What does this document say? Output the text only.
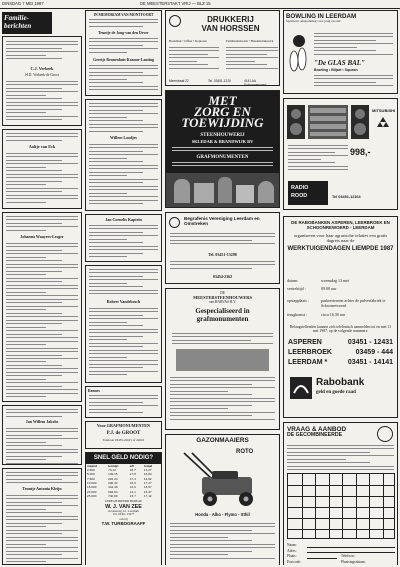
DINSDAG 7 MEI 1987	DE MEESTERSTAKT VRIJ — BLZ 15
Familie-
berichten
C.J. Verbeek
H.D. Verbeek-de Groot
Aaltje van Eck
Johanna Waayers-Lesger
Jan Willem Jakobs
Teuntje Antonia Kleijn
IN MEMORIAM VAN MONTFOORT
Teuntje de Jong-van den Dever
Geertje Rennenhuis-Kramer-Lanting
Willem Loodjes
Jan Cornelis Kaptein
Robert Vandebosch
Rennes
Voor GRAFMONUMENTEN
P.J. de GROOT
Telefoon 03455-22615 of 22616
SNEL GELD NODIG?
maand	termijn	eff.	totaal
2.500	74,12	18,7	13,27
5.000	149,15	17,8	16,84
7.500	222,24	17,3	14,82
10.000	296,32	15,9	17,27
15.000	444,48	14,6	16,57
20.000	592,64	14,1	16,47
25.000	740,80	13,7	17,12
GEREGISTREERD BUREAU
W. J. VAN ZEE
Groeneweg 12 - Leerdam
Tel. 03451-13277
ook bij
T.W. TURBOGRAAFF
DRUKKERIJ
VAN HORSSEN
Boekdruk • Offset • Kopieren	Familiedrukwerk • Handelsdrukwerk
Meerstraat 22	Tel. 03451-1210	4141 AA Schoonrewoerd
MET
ZORG EN
TOEWIJDING
STEENHOUWERIJ
SKLEDAR & BRANDWIJK BV
GRAFMONUMENTEN
Begrafenis Vereniging Leerdam en Omstreken
Tel. 03451-13298
03454-2362
DE
MEESTERSTEENHOUWERS
van HARVAS B.V.
Gespecialiseerd in
grafmonumenten
GAZONMAAIERS
ROTO
Honda - Alko - Flymo - Sthil
BOWLING IN LEERDAM
Sportieve ontspanning voor jong en oud
"De GLAS BAL"
Bowling • Biljart • Squash
MITSUBISHI
998,-
RADIO ROOD	Tel 03451-12164
DE RABOBANKEN ASPEREN, LEERBROEK EN SCHOONREWOERD - LEERDAM
organiseren voor haar agrarische relaties een gratis dagreis naar de
WERKTUIGENDAGEN LIEMPDE 1987
datum:	woensdag 13 mei
vertrektijd :	09.00 uur
opstapplaats :	parkeerterrein achter de pulverfabriek te Schoonrewoerd
terugkomst :	circa 16.30 uur
Belangstellenden kunnen zich telefonisch aanmelden tot en met 11 mei 1987, op de volgende nummers:
ASPEREN	03451 - 12431
LEERBROEK	03459 - 444
LEERDAM *	03451 - 14141
Rabobank
geld en goede raad
VRAAG & AANBOD
DE GECOMBINEERDE
Naam:
Adres:
Plaats:	Telefoon:
Postcode:	Plaatsingsdatum:
